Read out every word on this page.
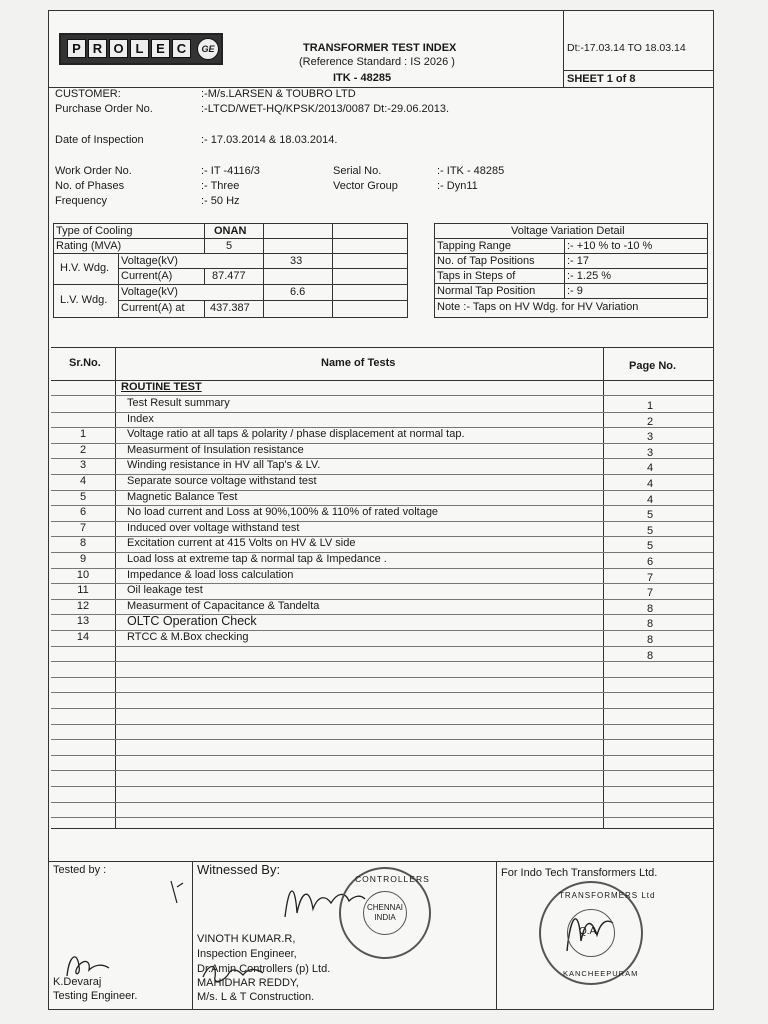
P R O L E C	GE	TRANSFORMER TEST INDEX
(Reference Standard : IS 2026 )
ITK - 48285
Dt:-17.03.14 TO 18.03.14
SHEET 1 of 8
CUSTOMER:	:-M/s.LARSEN & TOUBRO LTD
Purchase Order No.	:-LTCD/WET-HQ/KPSK/2013/0087 Dt:-29.06.2013.
Date of Inspection	:- 17.03.2014 & 18.03.2014.
Work Order No.	:- IT -4116/3	Serial No.	:- ITK - 48285
No. of Phases	:- Three	Vector Group	:- Dyn11
Frequency	:- 50 Hz
Type of Cooling	ONAN
Rating (MVA)	5
H.V. Wdg.
Voltage(kV)	33
Current(A)	87.477
L.V. Wdg.
Voltage(kV)	6.6
Current(A) at 437.387
Voltage Variation Detail
Tapping Range	:- +10 % to -10 %
No. of Tap Positions	:- 17
Taps in Steps of	:- 1.25 %
Normal Tap Position	:- 9
Note :- Taps on HV Wdg. for HV Variation
Sr.No.	Name of Tests	Page No.
ROUTINE TEST
Test Result summary	1
Index	2
1	Voltage ratio at all taps & polarity / phase displacement at normal tap.	3
2	Measurment of Insulation resistance	3
3	Winding resistance in HV all Tap's & LV.	4
4	Separate source voltage withstand test	4
5	Magnetic Balance Test	4
6	No load current and Loss at 90%,100% & 110% of rated voltage	5
7	Induced over voltage withstand test	5
8	Excitation current at 415 Volts on HV & LV side	5
9	Load loss at extreme tap & normal tap & Impedance .	6
10	Impedance & load loss calculation	7
11	Oil leakage test	7
12	Measurment of Capacitance & Tandelta	8
13	OLTC Operation Check	8
14	RTCC & M.Box checking	8
8
Tested by :
K.Devaraj
Testing Engineer.
Witnessed By:
VINOTH KUMAR.R,
Inspection Engineer,
Dr.Amin Controllers (p) Ltd.
MAHIDHAR REDDY,
M/s. L & T Construction.
For Indo Tech Transformers Ltd.
CONTROLLERS
CHENNAI
INDIA
TRANSFORMERS Ltd
Q.A
KANCHEEPURAM
